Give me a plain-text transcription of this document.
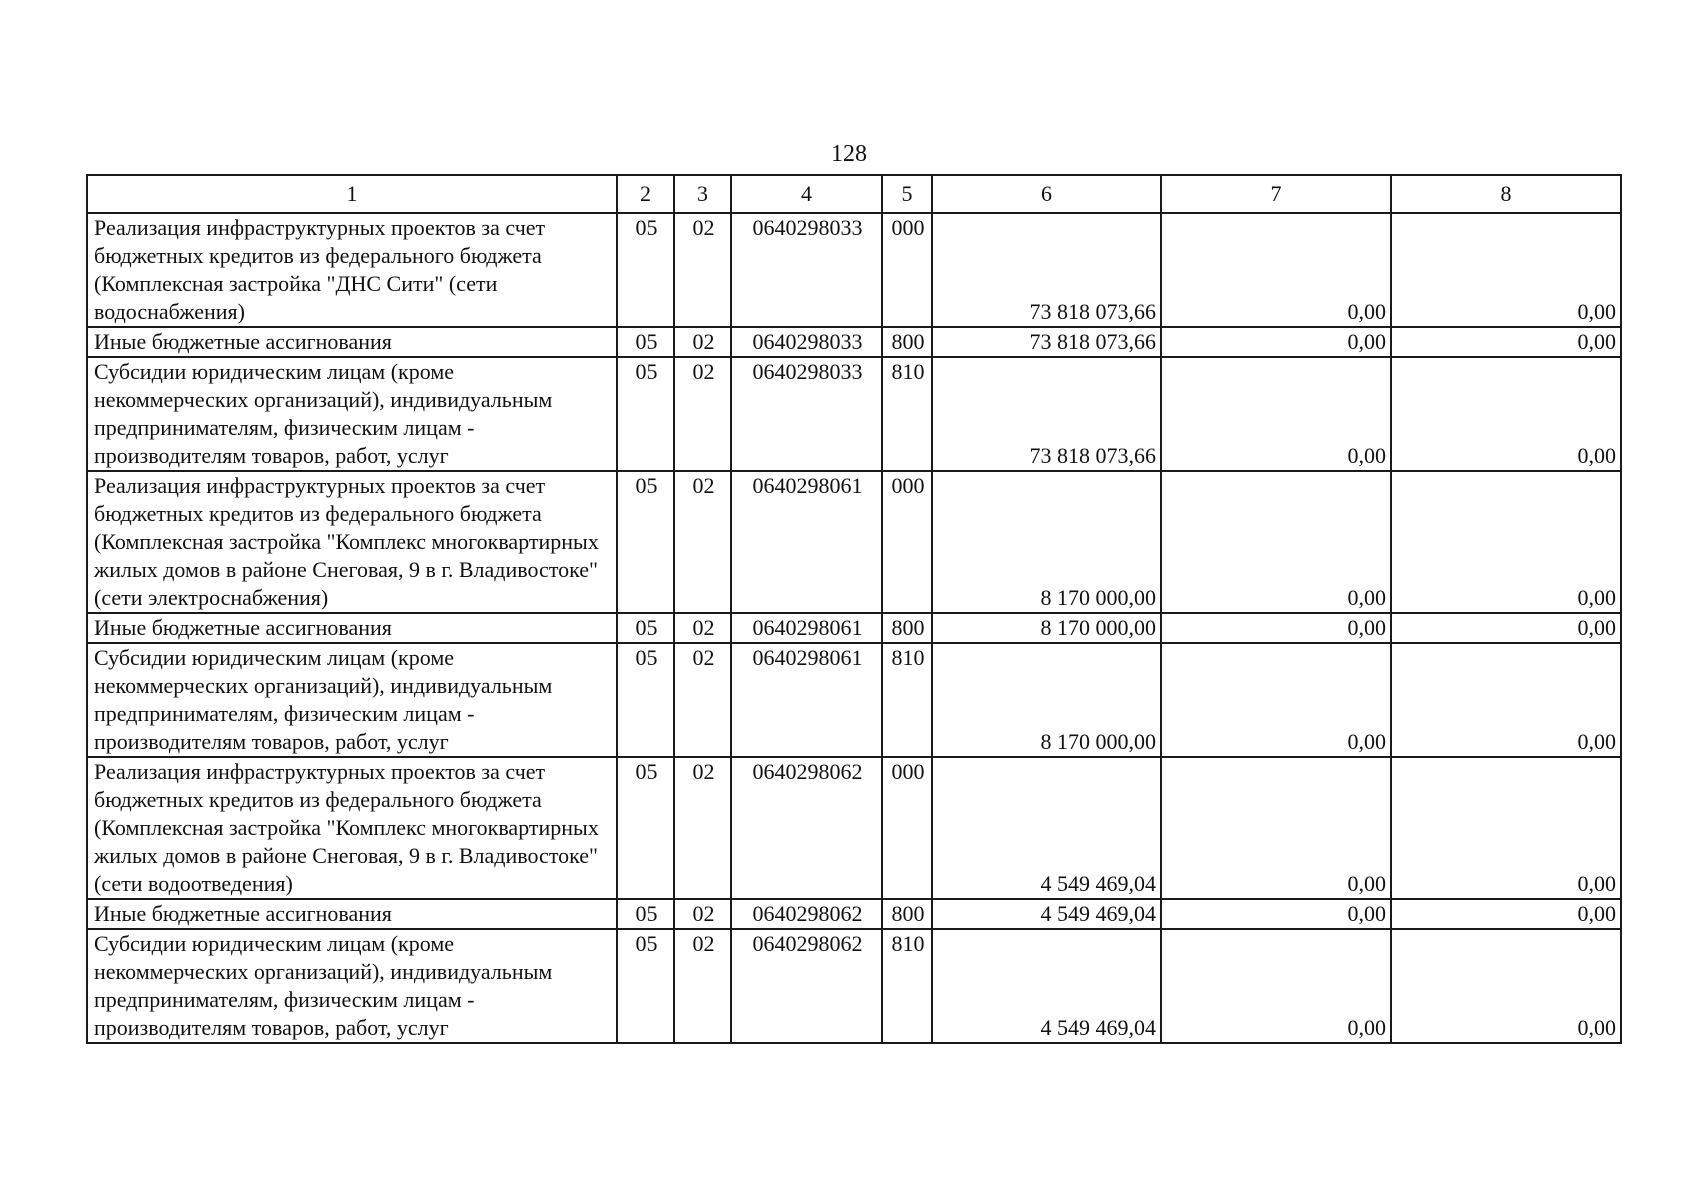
128
1	2	3	4	5	6	7	8
Реализация инфраструктурных проектов за счет бюджетных кредитов из федерального бюджета (Комплексная застройка "ДНС Сити" (сети водоснабжения)	05	02	0640298033	000	73 818 073,66	0,00	0,00
Иные бюджетные ассигнования	05	02	0640298033	800	73 818 073,66	0,00	0,00
Субсидии юридическим лицам (кроме некоммерческих организаций), индивидуальным предпринимателям, физическим лицам - производителям товаров, работ, услуг	05	02	0640298033	810	73 818 073,66	0,00	0,00
Реализация инфраструктурных проектов за счет бюджетных кредитов из федерального бюджета (Комплексная застройка "Комплекс многоквартирных жилых домов в районе Снеговая, 9 в г. Владивостоке" (сети электроснабжения)	05	02	0640298061	000	8 170 000,00	0,00	0,00
Иные бюджетные ассигнования	05	02	0640298061	800	8 170 000,00	0,00	0,00
Субсидии юридическим лицам (кроме некоммерческих организаций), индивидуальным предпринимателям, физическим лицам - производителям товаров, работ, услуг	05	02	0640298061	810	8 170 000,00	0,00	0,00
Реализация инфраструктурных проектов за счет бюджетных кредитов из федерального бюджета (Комплексная застройка "Комплекс многоквартирных жилых домов в районе Снеговая, 9 в г. Владивостоке" (сети водоотведения)	05	02	0640298062	000	4 549 469,04	0,00	0,00
Иные бюджетные ассигнования	05	02	0640298062	800	4 549 469,04	0,00	0,00
Субсидии юридическим лицам (кроме некоммерческих организаций), индивидуальным предпринимателям, физическим лицам - производителям товаров, работ, услуг	05	02	0640298062	810	4 549 469,04	0,00	0,00
